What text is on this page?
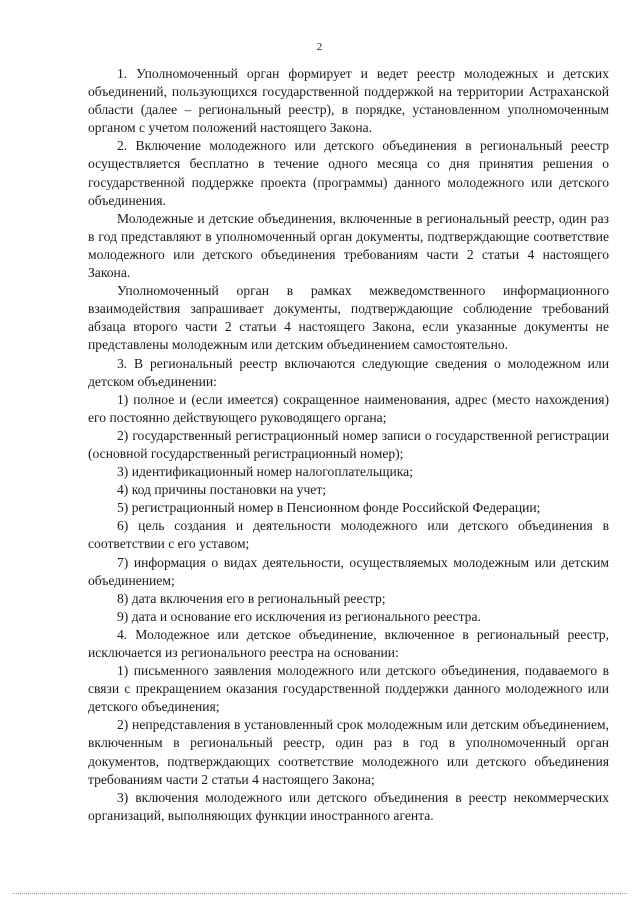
2

1. Уполномоченный орган формирует и ведет реестр молодежных и детских объединений, пользующихся государственной поддержкой на территории Астраханской области (далее – региональный реестр), в порядке, установленном уполномоченным органом с учетом положений настоящего Закона.

2. Включение молодежного или детского объединения в региональный реестр осуществляется бесплатно в течение одного месяца со дня принятия решения о государственной поддержке проекта (программы) данного молодежного или детского объединения.

Молодежные и детские объединения, включенные в региональный реестр, один раз в год представляют в уполномоченный орган документы, подтверждающие соответствие молодежного или детского объединения требованиям части 2 статьи 4 настоящего Закона.

Уполномоченный орган в рамках межведомственного информационного взаимодействия запрашивает документы, подтверждающие соблюдение требований абзаца второго части 2 статьи 4 настоящего Закона, если указанные документы не представлены молодежным или детским объединением самостоятельно.

3. В региональный реестр включаются следующие сведения о молодежном или детском объединении:

1) полное и (если имеется) сокращенное наименования, адрес (место нахождения) его постоянно действующего руководящего органа;

2) государственный регистрационный номер записи о государственной регистрации (основной государственный регистрационный номер);

3) идентификационный номер налогоплательщика;

4) код причины постановки на учет;

5) регистрационный номер в Пенсионном фонде Российской Федерации;

6) цель создания и деятельности молодежного или детского объединения в соответствии с его уставом;

7) информация о видах деятельности, осуществляемых молодежным или детским объединением;

8) дата включения его в региональный реестр;

9) дата и основание его исключения из регионального реестра.

4. Молодежное или детское объединение, включенное в региональный реестр, исключается из регионального реестра на основании:

1) письменного заявления молодежного или детского объединения, подаваемого в связи с прекращением оказания государственной поддержки данного молодежного или детского объединения;

2) непредставления в установленный срок молодежным или детским объединением, включенным в региональный реестр, один раз в год в уполномоченный орган документов, подтверждающих соответствие молодежного или детского объединения требованиям части 2 статьи 4 настоящего Закона;

3) включения молодежного или детского объединения в реестр некоммерческих организаций, выполняющих функции иностранного агента.
